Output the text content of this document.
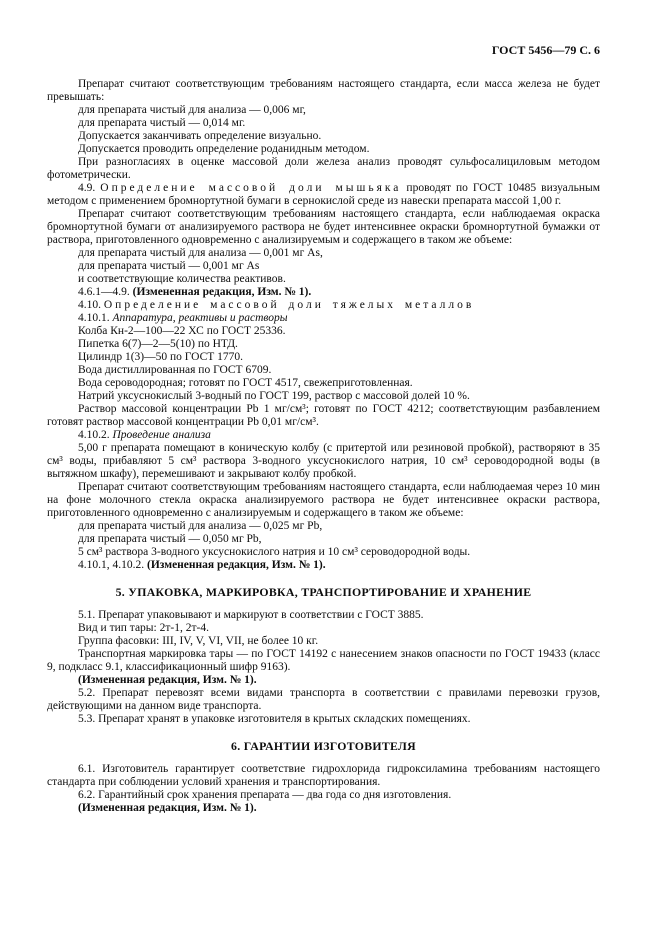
ГОСТ 5456—79 С. 6

Препарат считают соответствующим требованиям настоящего стандарта, если масса железа не будет превышать:

для препарата чистый для анализа — 0,006 мг,

для препарата чистый — 0,014 мг.

Допускается заканчивать определение визуально.

Допускается проводить определение роданидным методом.

При разногласиях в оценке массовой доли железа анализ проводят сульфосалициловым методом фотометрически.

4.9. Определение массовой доли мышьяка проводят по ГОСТ 10485 визуальным методом с применением бромнортутной бумаги в сернокислой среде из навески препарата массой 1,00 г.

Препарат считают соответствующим требованиям настоящего стандарта, если наблюдаемая окраска бромнортутной бумаги от анализируемого раствора не будет интенсивнее окраски бромнортутной бумажки от раствора, приготовленного одновременно с анализируемым и содержащего в таком же объеме:

для препарата чистый для анализа — 0,001 мг As,

для препарата чистый — 0,001 мг As

и соответствующие количества реактивов.

4.6.1—4.9. (Измененная редакция, Изм. № 1).

4.10. Определение массовой доли тяжелых металлов

4.10.1. Аппаратура, реактивы и растворы

Колба Кн-2—100—22 ХС по ГОСТ 25336.

Пипетка 6(7)—2—5(10) по НТД.

Цилиндр 1(3)—50 по ГОСТ 1770.

Вода дистиллированная по ГОСТ 6709.

Вода сероводородная; готовят по ГОСТ 4517, свежеприготовленная.

Натрий уксуснокислый 3-водный по ГОСТ 199, раствор с массовой долей 10 %.

Раствор массовой концентрации Pb 1 мг/см³; готовят по ГОСТ 4212; соответствующим разбавлением готовят раствор массовой концентрации Pb 0,01 мг/см³.

4.10.2. Проведение анализа

5,00 г препарата помещают в коническую колбу (с притертой или резиновой пробкой), растворяют в 35 см³ воды, прибавляют 5 см³ раствора 3-водного уксуснокислого натрия, 10 см³ сероводородной воды (в вытяжном шкафу), перемешивают и закрывают колбу пробкой.

Препарат считают соответствующим требованиям настоящего стандарта, если наблюдаемая через 10 мин на фоне молочного стекла окраска анализируемого раствора не будет интенсивнее окраски раствора, приготовленного одновременно с анализируемым и содержащего в таком же объеме:

для препарата чистый для анализа — 0,025 мг Pb,

для препарата чистый — 0,050 мг Pb,

5 см³ раствора 3-водного уксуснокислого натрия и 10 см³ сероводородной воды.

4.10.1, 4.10.2. (Измененная редакция, Изм. № 1).

5. УПАКОВКА, МАРКИРОВКА, ТРАНСПОРТИРОВАНИЕ И ХРАНЕНИЕ

5.1. Препарат упаковывают и маркируют в соответствии с ГОСТ 3885.

Вид и тип тары: 2т-1, 2т-4.

Группа фасовки: III, IV, V, VI, VII, не более 10 кг.

Транспортная маркировка тары — по ГОСТ 14192 с нанесением знаков опасности по ГОСТ 19433 (класс 9, подкласс 9.1, классификационный шифр 9163).

(Измененная редакция, Изм. № 1).

5.2. Препарат перевозят всеми видами транспорта в соответствии с правилами перевозки грузов, действующими на данном виде транспорта.

5.3. Препарат хранят в упаковке изготовителя в крытых складских помещениях.

6. ГАРАНТИИ ИЗГОТОВИТЕЛЯ

6.1. Изготовитель гарантирует соответствие гидрохлорида гидроксиламина требованиям настоящего стандарта при соблюдении условий хранения и транспортирования.

6.2. Гарантийный срок хранения препарата — два года со дня изготовления.

(Измененная редакция, Изм. № 1).
